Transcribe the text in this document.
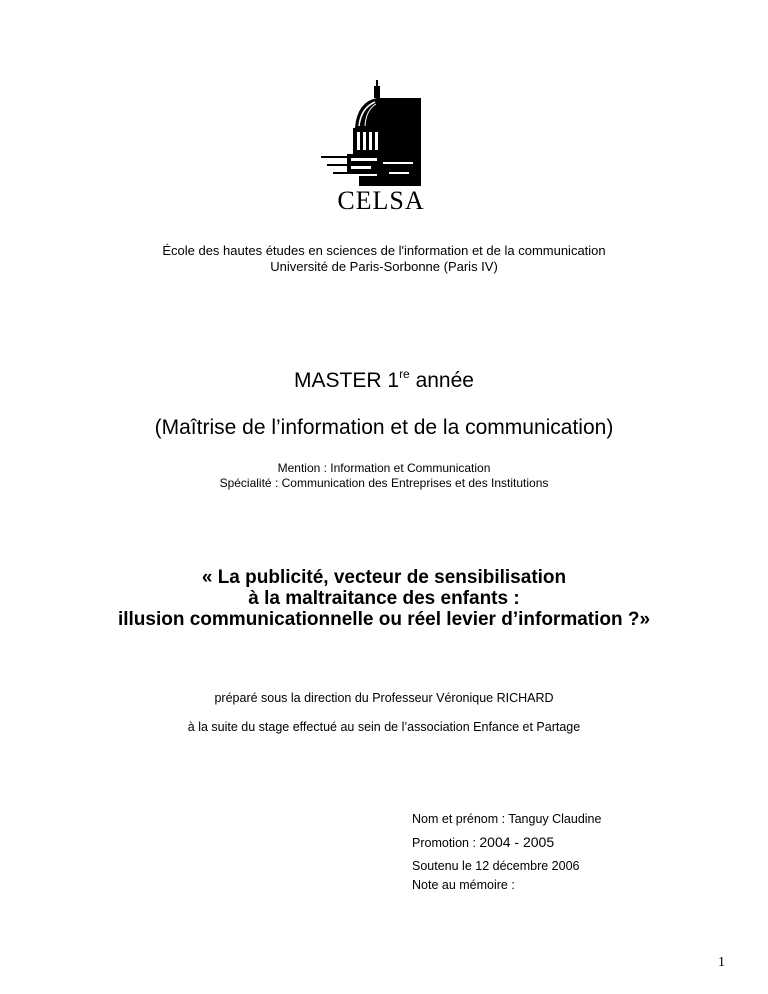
CELSA
École des hautes études en sciences de l'information et de la communication
Université de Paris-Sorbonne (Paris IV)
MASTER 1re année
(Maîtrise de l’information et de la communication)
Mention : Information et Communication
Spécialité : Communication des Entreprises et des Institutions
« La publicité, vecteur de sensibilisation
à la maltraitance des enfants :
illusion communicationnelle ou réel levier d’information ?»
préparé sous la direction du Professeur Véronique RICHARD
à la suite du stage effectué au sein de l’association Enfance et Partage
Nom et prénom : Tanguy Claudine
Promotion : 2004 - 2005
Soutenu le 12 décembre 2006
Note au mémoire :
1
